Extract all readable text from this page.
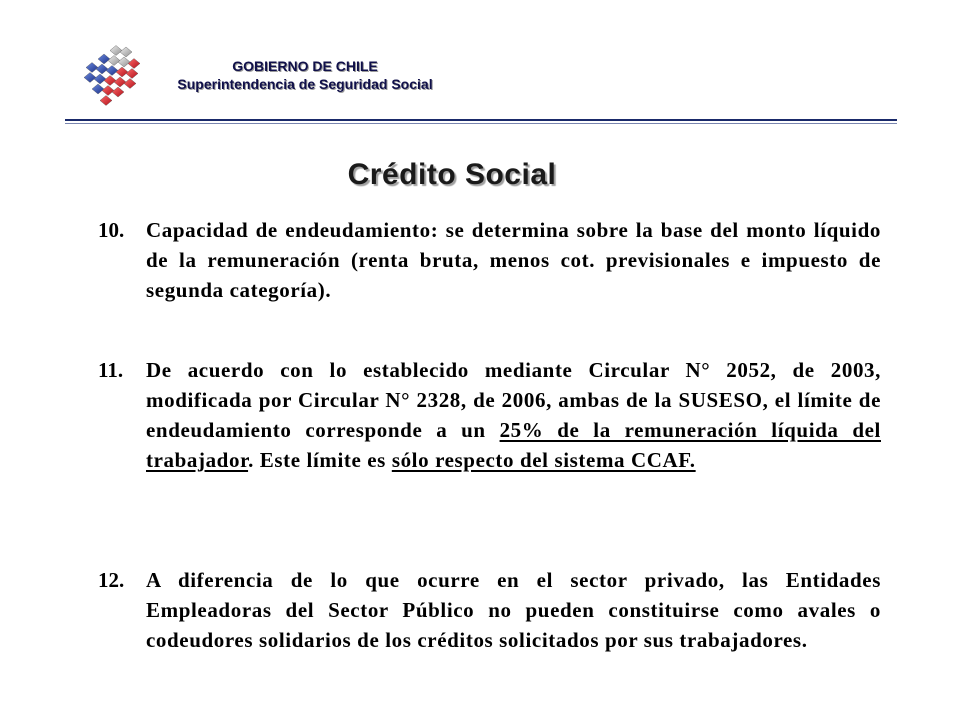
GOBIERNO DE CHILE
Superintendencia de Seguridad Social
Crédito Social
10. Capacidad de endeudamiento: se determina sobre la base del monto líquido de la remuneración (renta bruta, menos cot. previsionales e impuesto de segunda categoría).
11. De acuerdo con lo establecido mediante Circular N° 2052, de 2003, modificada por Circular N° 2328, de 2006, ambas de la SUSESO, el límite de endeudamiento corresponde a un 25% de la remuneración líquida del trabajador. Este límite es sólo respecto del sistema CCAF.
12. A diferencia de lo que ocurre en el sector privado, las Entidades Empleadoras del Sector Público no pueden constituirse como avales o codeudores solidarios de los créditos solicitados por sus trabajadores.
